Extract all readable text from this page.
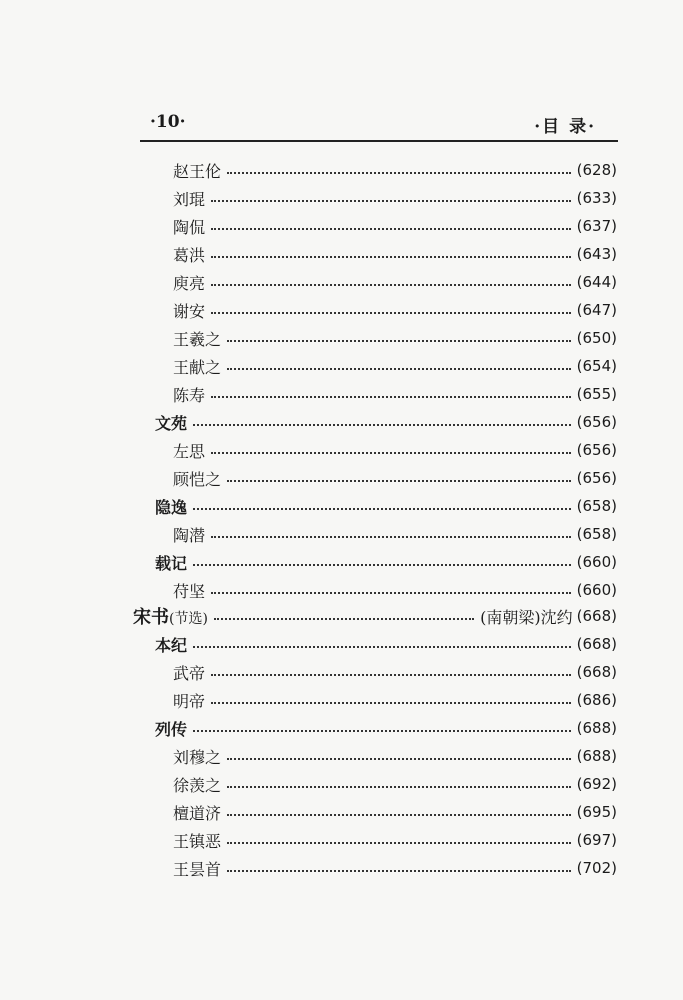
·10·	·目 录·
赵王伦	(628)
刘琨	(633)
陶侃	(637)
葛洪	(643)
庾亮	(644)
谢安	(647)
王羲之	(650)
王献之	(654)
陈寿	(655)
文苑	(656)
左思	(656)
顾恺之	(656)
隐逸	(658)
陶潜	(658)
载记	(660)
苻坚	(660)
宋书(节选)	(南朝梁)沈约 (668)
本纪	(668)
武帝	(668)
明帝	(686)
列传	(688)
刘穆之	(688)
徐羡之	(692)
檀道济	(695)
王镇恶	(697)
王昙首	(702)
